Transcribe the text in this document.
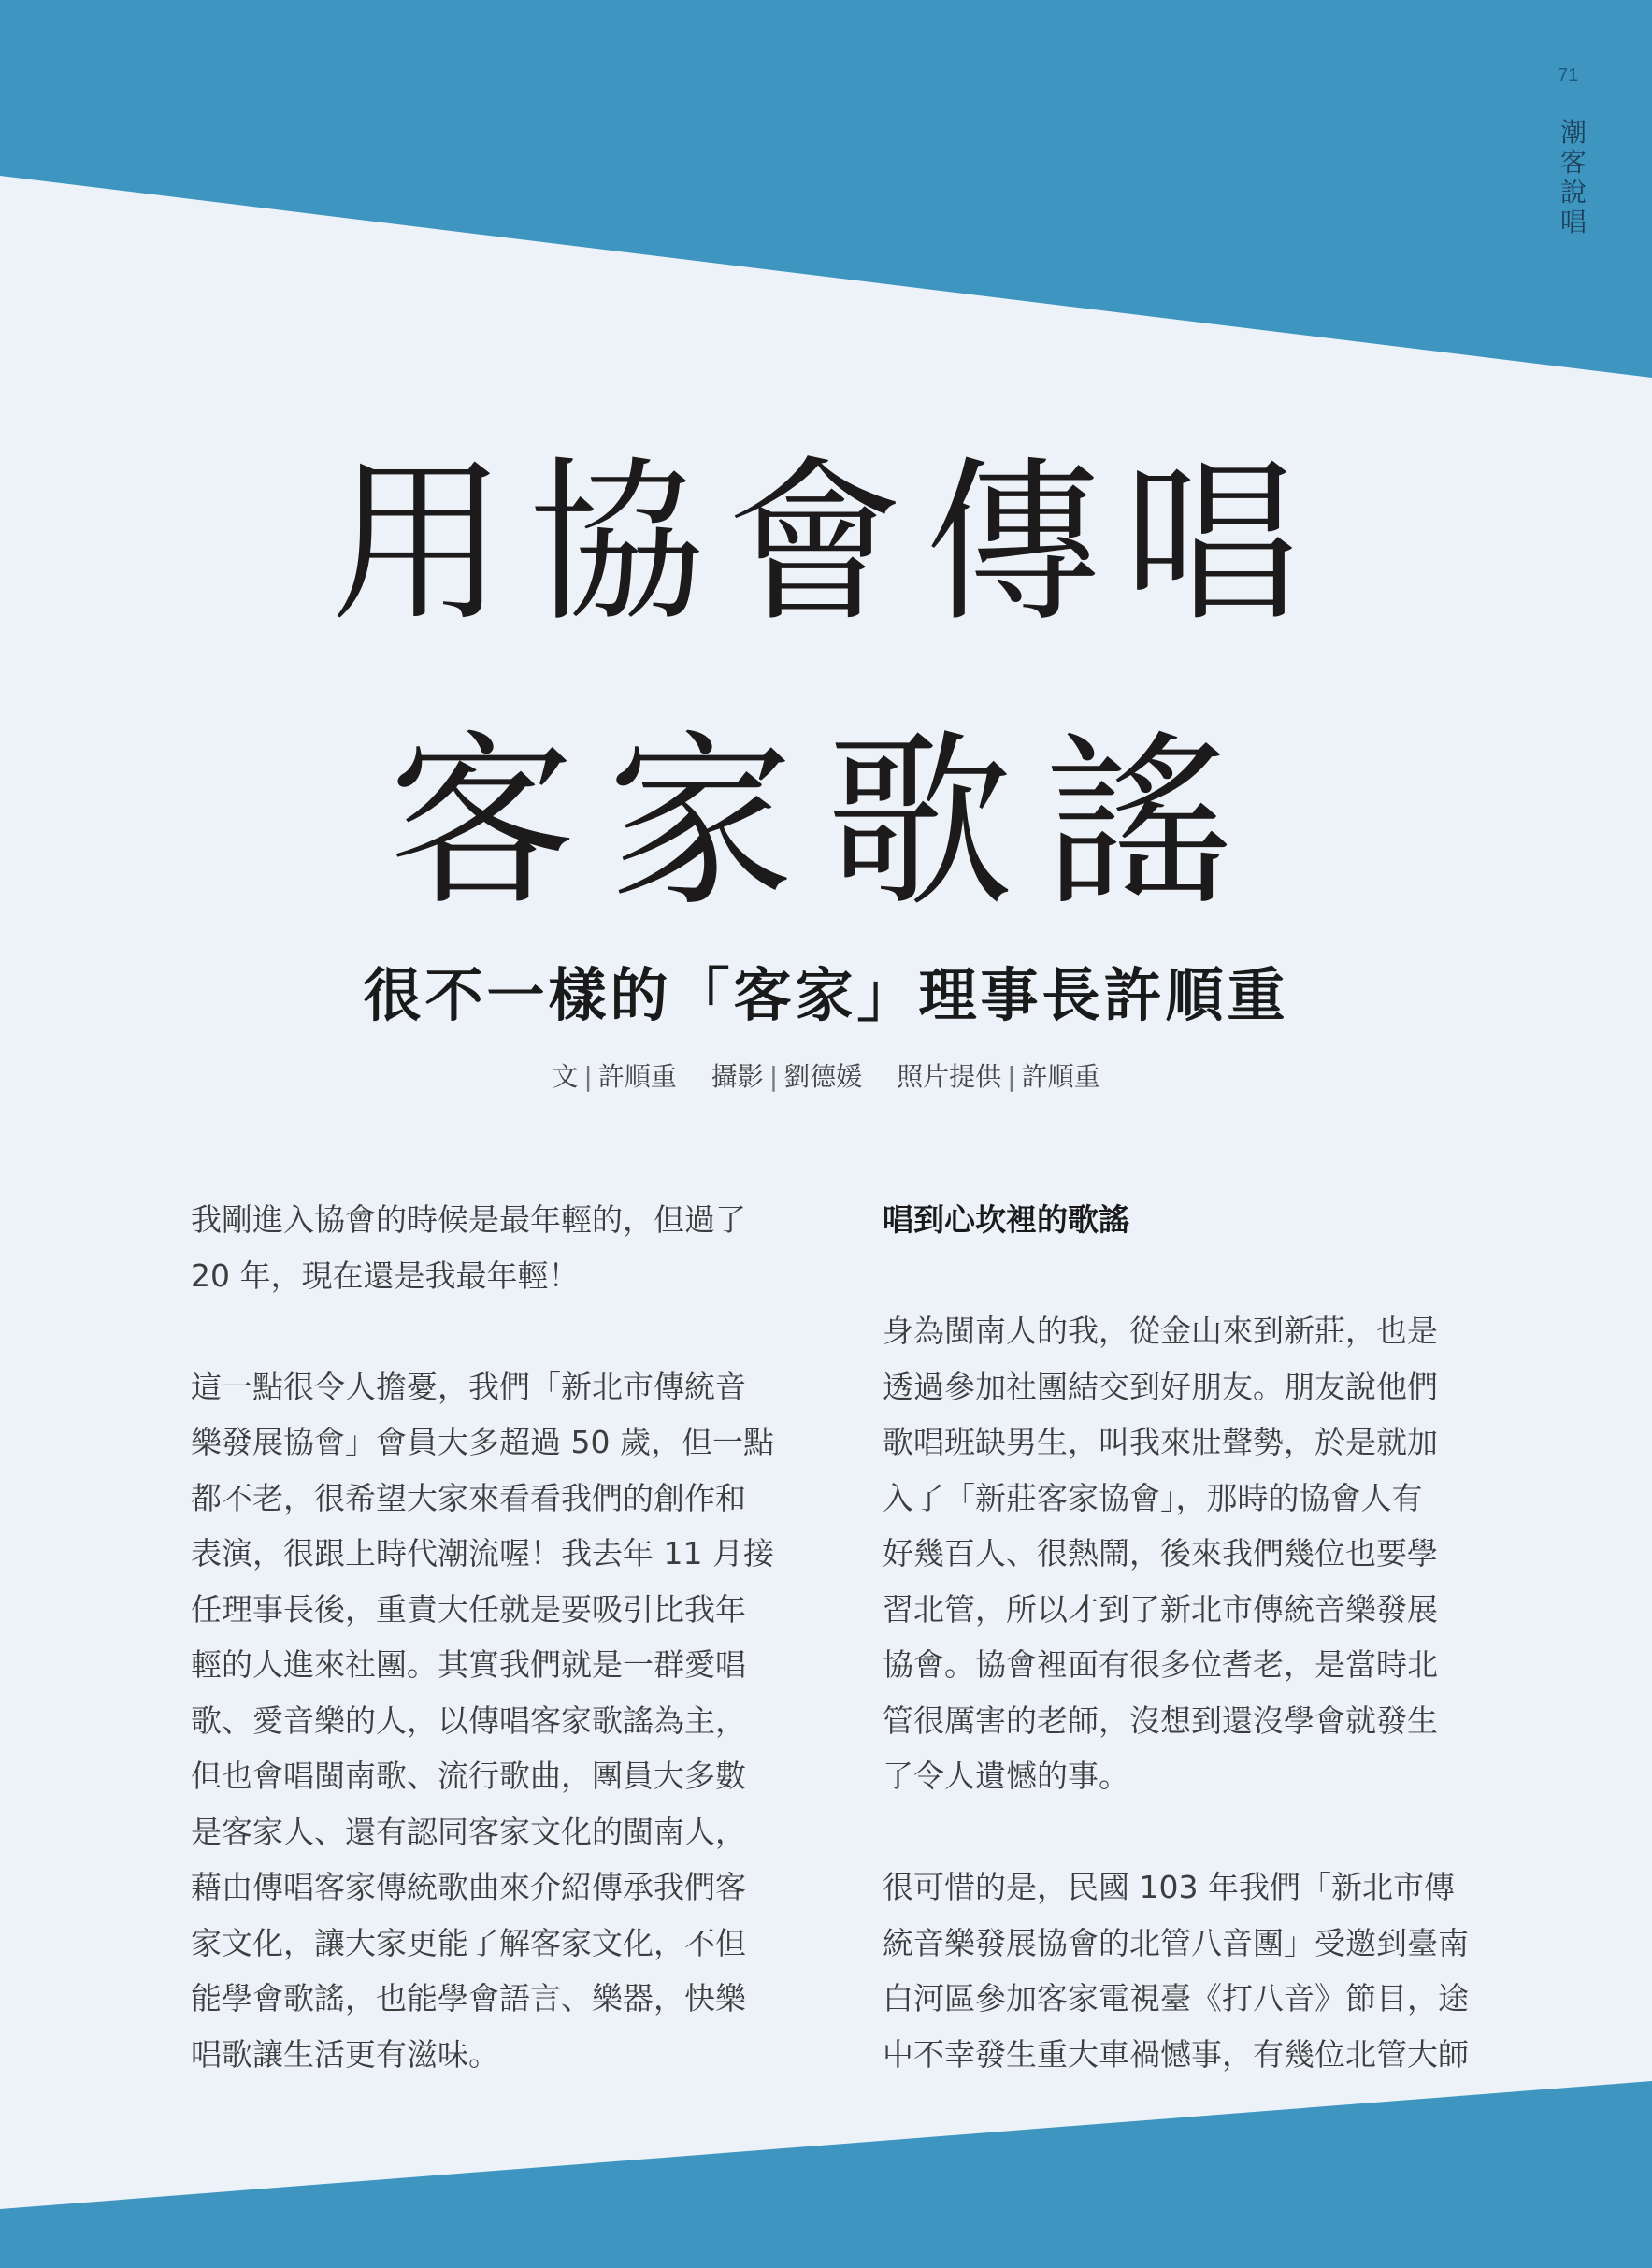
71
潮客說唱
用協會傳唱
客家歌謠
很不一樣的「客家」理事長許順重
文 | 許順重 攝影 | 劉德媛 照片提供 | 許順重

我剛進入協會的時候是最年輕的，但過了

20 年，現在還是我最年輕！

這一點很令人擔憂，我們「新北市傳統音

樂發展協會」會員大多超過 50 歲，但一點

都不老，很希望大家來看看我們的創作和

表演，很跟上時代潮流喔！我去年 11 月接

任理事長後，重責大任就是要吸引比我年

輕的人進來社團。其實我們就是一群愛唱

歌、愛音樂的人，以傳唱客家歌謠為主，

但也會唱閩南歌、流行歌曲，團員大多數

是客家人、還有認同客家文化的閩南人，

藉由傳唱客家傳統歌曲來介紹傳承我們客

家文化，讓大家更能了解客家文化，不但

能學會歌謠，也能學會語言、樂器，快樂

唱歌讓生活更有滋味。

唱到心坎裡的歌謠

身為閩南人的我，從金山來到新莊，也是

透過參加社團結交到好朋友。朋友說他們

歌唱班缺男生，叫我來壯聲勢，於是就加

入了「新莊客家協會」，那時的協會人有

好幾百人、很熱鬧，後來我們幾位也要學

習北管，所以才到了新北市傳統音樂發展

協會。協會裡面有很多位耆老，是當時北

管很厲害的老師，沒想到還沒學會就發生

了令人遺憾的事。

很可惜的是，民國 103 年我們「新北市傳

統音樂發展協會的北管八音團」受邀到臺南

白河區參加客家電視臺《打八音》節目，途

中不幸發生重大車禍憾事，有幾位北管大師
